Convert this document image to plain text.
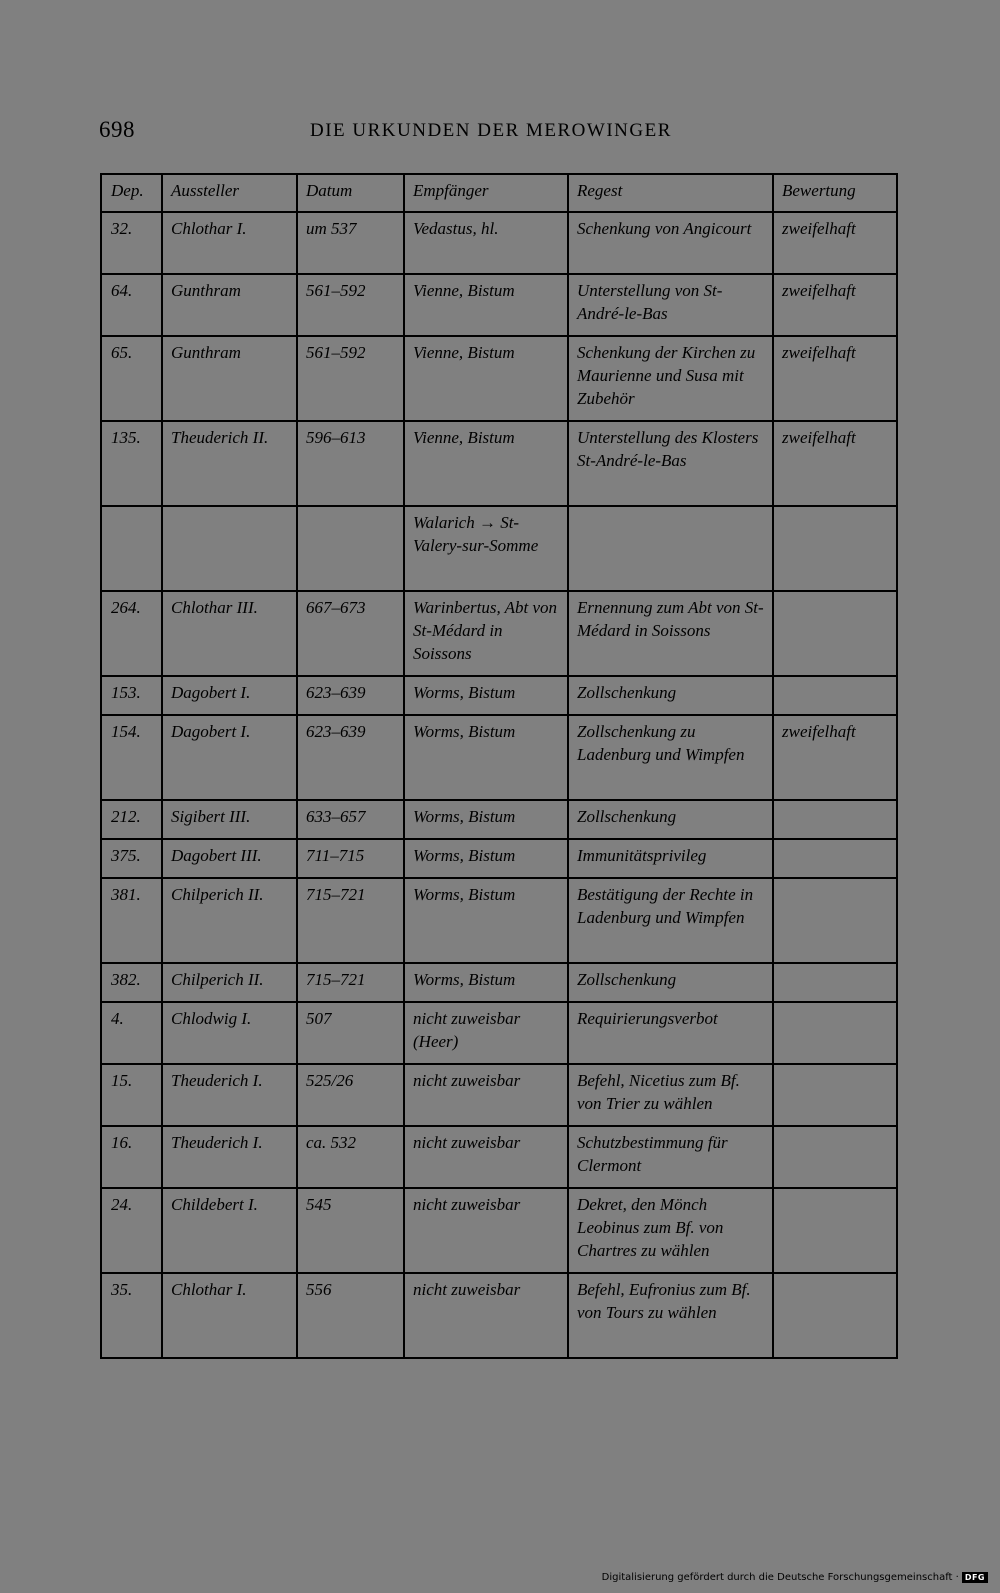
698	DIE URKUNDEN DER MEROWINGER
Dep.	Aussteller	Datum	Empfänger	Regest	Bewertung
32.	Chlothar I.	um 537	Vedastus, hl.	Schenkung von Angicourt	zweifelhaft
64.	Gunthram	561–592	Vienne, Bistum	Unterstellung von St-André-le-Bas	zweifelhaft
65.	Gunthram	561–592	Vienne, Bistum	Schenkung der Kirchen zu Maurienne und Susa mit Zubehör	zweifelhaft
135.	Theuderich II.	596–613	Vienne, Bistum	Unterstellung des Klosters St-André-le-Bas	zweifelhaft
			Walarich → St-Valery-sur-Somme		
264.	Chlothar III.	667–673	Warinbertus, Abt von St-Médard in Soissons	Ernennung zum Abt von St-Médard in Soissons	
153.	Dagobert I.	623–639	Worms, Bistum	Zollschenkung	
154.	Dagobert I.	623–639	Worms, Bistum	Zollschenkung zu Ladenburg und Wimpfen	zweifelhaft
212.	Sigibert III.	633–657	Worms, Bistum	Zollschenkung	
375.	Dagobert III.	711–715	Worms, Bistum	Immunitätsprivileg	
381.	Chilperich II.	715–721	Worms, Bistum	Bestätigung der Rechte in Ladenburg und Wimpfen	
382.	Chilperich II.	715–721	Worms, Bistum	Zollschenkung	
4.	Chlodwig I.	507	nicht zuweisbar (Heer)	Requirierungsverbot	
15.	Theuderich I.	525/26	nicht zuweisbar	Befehl, Nicetius zum Bf. von Trier zu wählen	
16.	Theuderich I.	ca. 532	nicht zuweisbar	Schutzbestimmung für Clermont	
24.	Childebert I.	545	nicht zuweisbar	Dekret, den Mönch Leobinus zum Bf. von Chartres zu wählen	
35.	Chlothar I.	556	nicht zuweisbar	Befehl, Eufronius zum Bf. von Tours zu wählen	
Digitalisierung gefördert durch die Deutsche Forschungsgemeinschaft · DFG
